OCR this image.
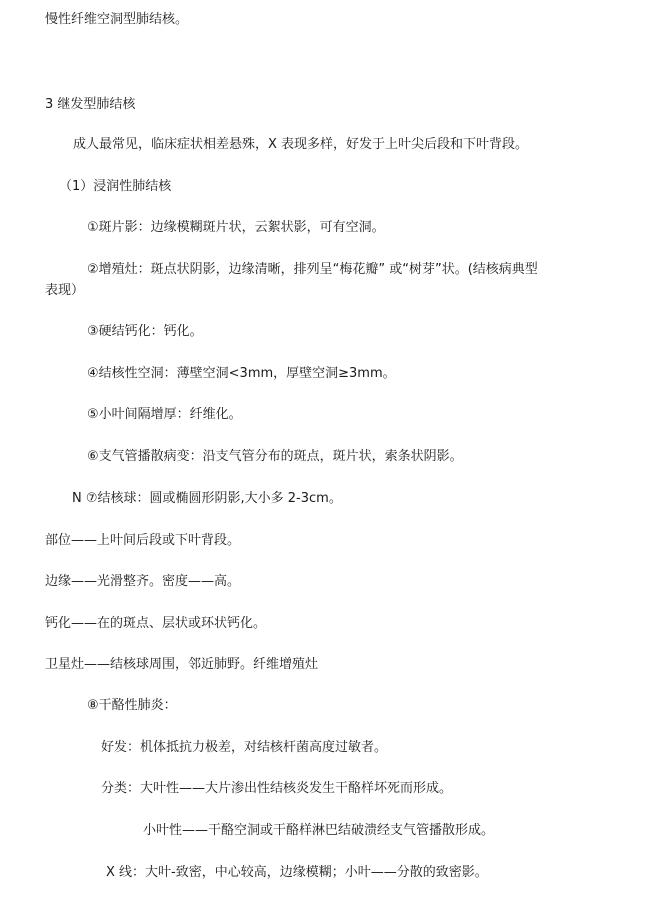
慢性纤维空洞型肺结核。
3 继发型肺结核
成人最常见，临床症状相差悬殊，X 表现多样，好发于上叶尖后段和下叶背段。
（1）浸润性肺结核
①斑片影：边缘模糊斑片状，云絮状影，可有空洞。
②增殖灶：斑点状阴影，边缘清晰，排列呈“梅花瓣” 或“树芽”状。(结核病典型
表现）
③硬结钙化：钙化。
④结核性空洞：薄壁空洞<3mm，厚壁空洞≥3mm。
⑤小叶间隔增厚：纤维化。
⑥支气管播散病变：沿支气管分布的斑点，斑片状，索条状阴影。
N ⑦结核球：圆或椭圆形阴影,大小多 2-3cm。
部位——上叶间后段或下叶背段。
边缘——光滑整齐。密度——高。
钙化——在的斑点、层状或环状钙化。
卫星灶——结核球周围，邻近肺野。纤维增殖灶
⑧干酪性肺炎：
好发：机体抵抗力极差，对结核杆菌高度过敏者。
分类：大叶性——大片渗出性结核炎发生干酪样坏死而形成。
小叶性——干酪空洞或干酪样淋巴结破溃经支气管播散形成。
X 线：大叶-致密，中心较高，边缘模糊；小叶——分散的致密影。
